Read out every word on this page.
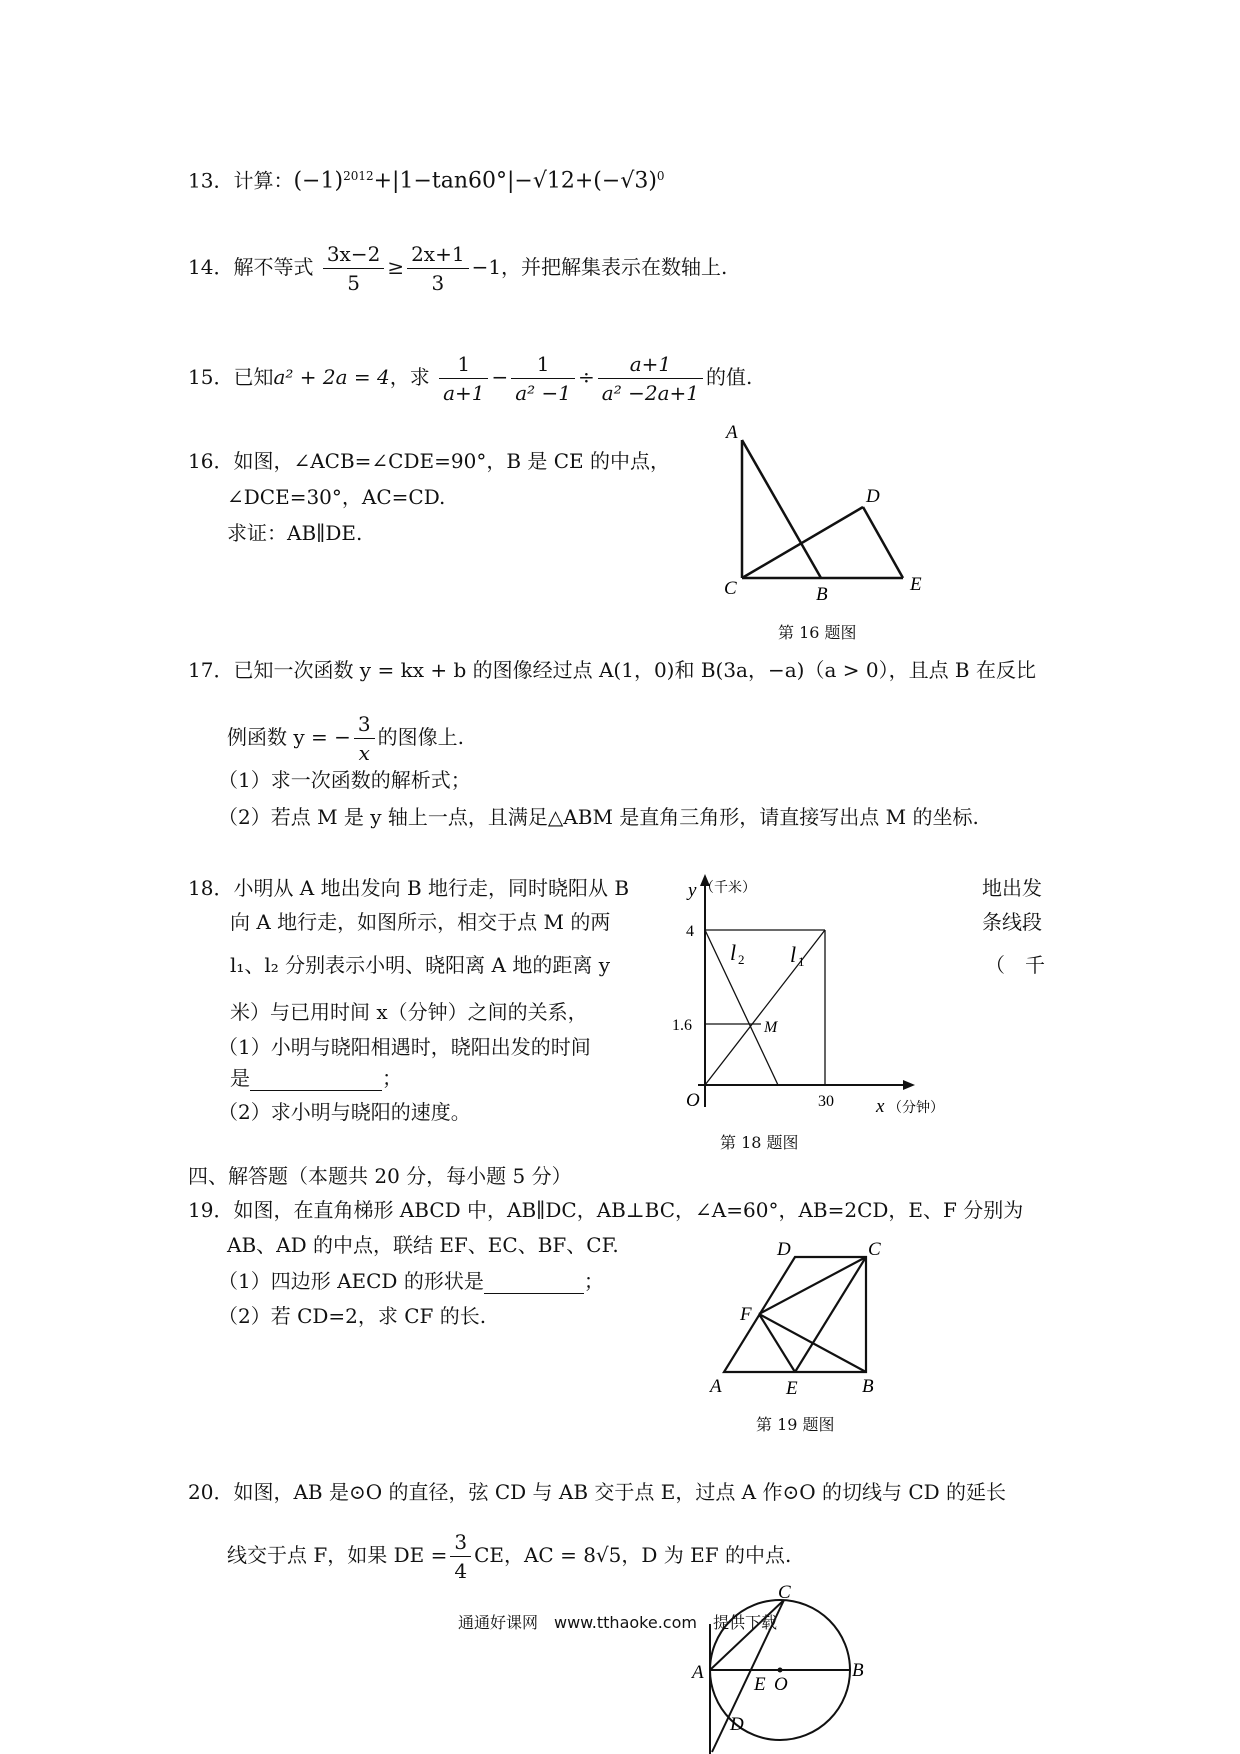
13．计算：$(-1)^{2012}+|1-\tan 60^\circ|-√12+(-√3)^0$
14．解不等式 $\frac{3x-2}{5} \ge \frac{2x+1}{3} -1$，并把解集表示在数轴上.
15．已知a² + 2a = 4，求 $\frac{1}{a+1} - \frac{1}{\text{a² −1}} \div \frac{a+1}{\text{a² −2a+1}}$ 的值.
16．如图，∠ACB=∠CDE=90°，B 是 CE 的中点，
∠DCE=30°，AC=CD.
求证：AB∥DE.
A
C	B
D
E
第 16 题图
17．已知一次函数 y = kx + b 的图像经过点 A(1，0)和 B(3a，−a)（a > 0），且点 B 在反比
例函数 y = − $\frac{3}{x}$ 的图像上.
（1）求一次函数的解析式；
（2）若点 M 是 y 轴上一点，且满足△ABM 是直角三角形，请直接写出点 M 的坐标.
18．小明从 A 地出发向 B 地行走，同时晓阳从 B	地出发
向 A 地行走，如图所示，相交于点 M 的两	条线段
l₁、l₂ 分别表示小明、晓阳离 A 地的距离 y	（　千
米）与已用时间 x（分钟）之间的关系，
（1）小明与晓阳相遇时，晓阳出发的时间
是	；
（2）求小明与晓阳的速度。
y （千米）
4
1.6
30
O	x （分钟）
l 2 l 1
M
第 18 题图
四、解答题（本题共 20 分，每小题 5 分）
19．如图，在直角梯形 ABCD 中，AB∥DC，AB⊥BC，∠A=60°，AB=2CD，E、F 分别为
AB、AD 的中点，联结 EF、EC、BF、CF.
（1）四边形 AECD 的形状是	；
（2）若 CD=2，求 CF 的长.
D	C
F
A	E	B
第 19 题图
20．如图，AB 是⊙O 的直径，弦 CD 与 AB 交于点 E，过点 A 作⊙O 的切线与 CD 的延长
线交于点 F，如果 DE = $\frac{3}{4}$ CE，AC = 8√5，D 为 EF 的中点.
C
A
E O
B
D
通通好课网　www.tthaoke.com　提供下载
